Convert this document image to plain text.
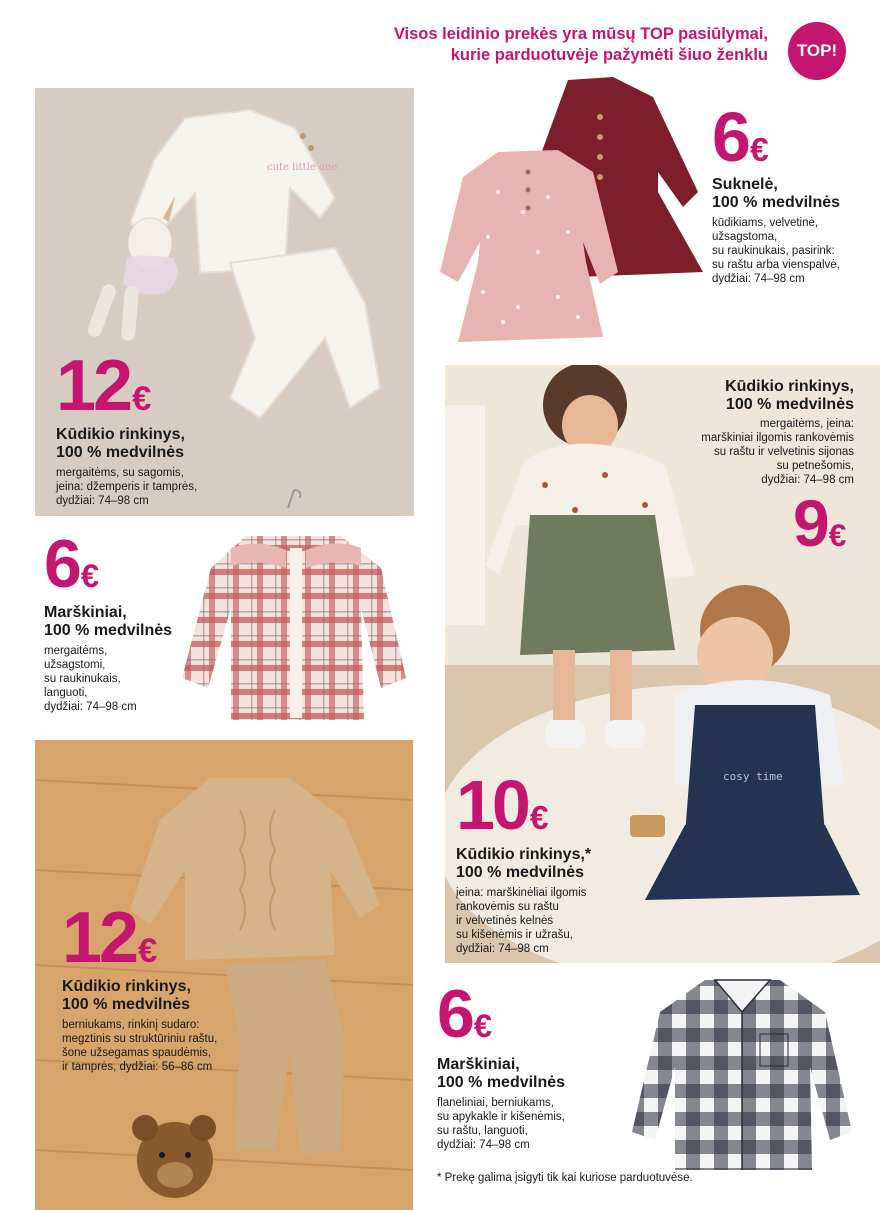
Visos leidinio prekės yra mūsų TOP pasiūlymai,
kurie parduotuvėje pažymėti šiuo ženklu	TOP!
cute little one
12€
Kūdikio rinkinys,
100 % medvilnės
mergaitėms, su sagomis,
jeina: džemperis ir tamprės,
dydžiai: 74–98 cm
6€
Suknelė,
100 % medvilnės
kūdikiams, velvetinė,
užsagstoma,
su raukinukais, pasirink:
su raštu arba vienspalvė,
dydžiai: 74–98 cm
cosy time
Kūdikio rinkinys,
100 % medvilnės
mergaitėms, įeina:
marškiniai ilgomis rankovėmis
su raštu ir velvetinis sijonas
su petnešomis,
dydžiai: 74–98 cm
9€
10€
Kūdikio rinkinys,*
100 % medvilnės
įeina: marškinėliai ilgomis
rankovėmis su raštu
ir velvetinės kelnės
su kišenėmis ir užrašu,
dydžiai: 74–98 cm
6€
Marškiniai,
100 % medvilnės
mergaitėms,
užsagstomi,
su raukinukais,
languoti,
dydžiai: 74–98 cm
12€
Kūdikio rinkinys,
100 % medvilnės
berniukams, rinkinį sudaro:
megztinis su struktūriniu raštu,
šone užsegamas spaudėmis,
ir tamprės, dydžiai: 56–86 cm
6€
Marškiniai,
100 % medvilnės
flaneliniai, berniukams,
su apykakle ir kišenėmis,
su raštu, languoti,
dydžiai: 74–98 cm
* Prekę galima įsigyti tik kai kuriose parduotuvėse.
